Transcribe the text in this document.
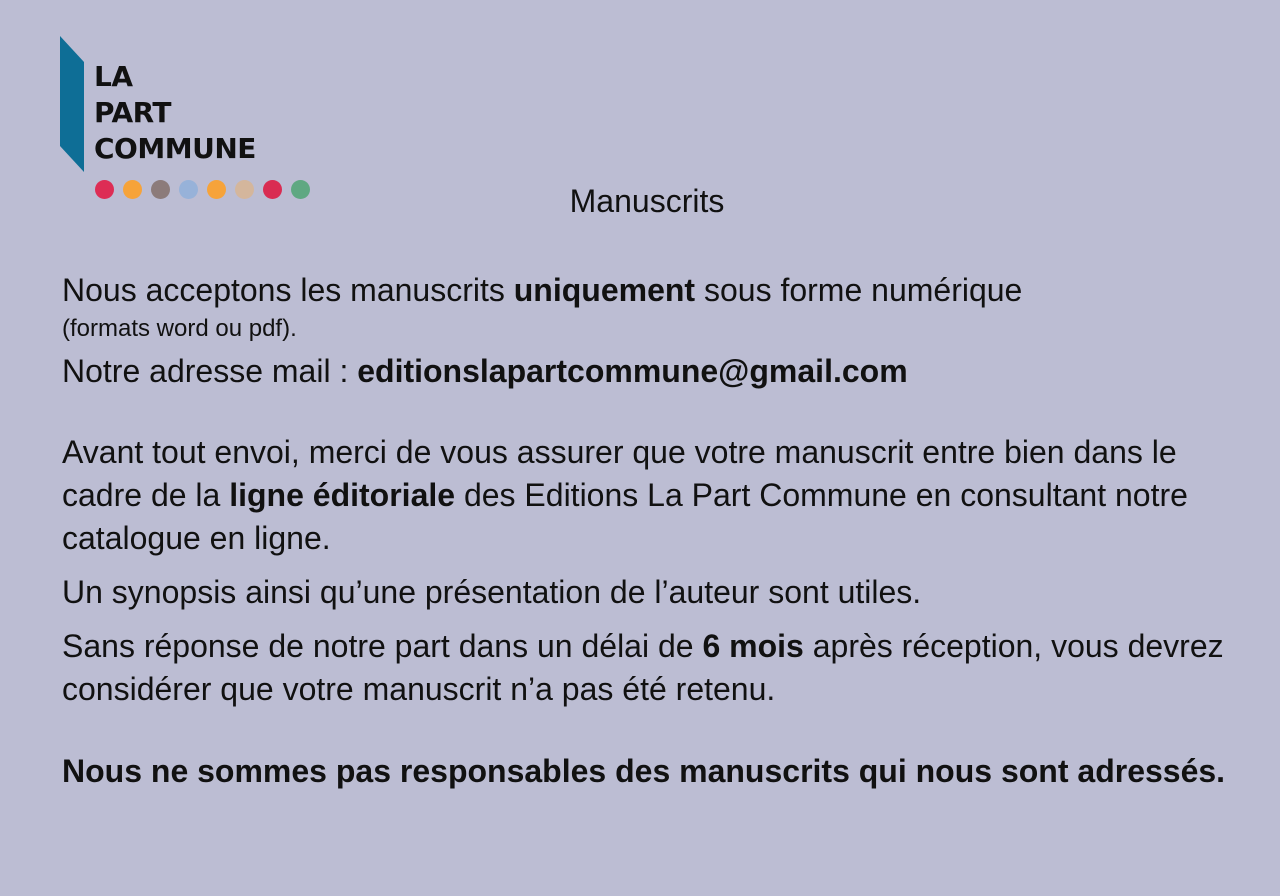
LA
PART
COMMUNE
Manuscrits

Nous acceptons les manuscrits uniquement sous forme numérique

(formats word ou pdf).

Notre adresse mail : editionslapartcommune@gmail.com

Avant tout envoi, merci de vous assurer que votre manuscrit entre bien dans le cadre de la ligne éditoriale des Editions La Part Commune en consultant notre catalogue en ligne.

Un synopsis ainsi qu’une présentation de l’auteur sont utiles.

Sans réponse de notre part dans un délai de 6 mois après réception, vous devrez considérer que votre manuscrit n’a pas été retenu.

Nous ne sommes pas responsables des manuscrits qui nous sont adressés.
